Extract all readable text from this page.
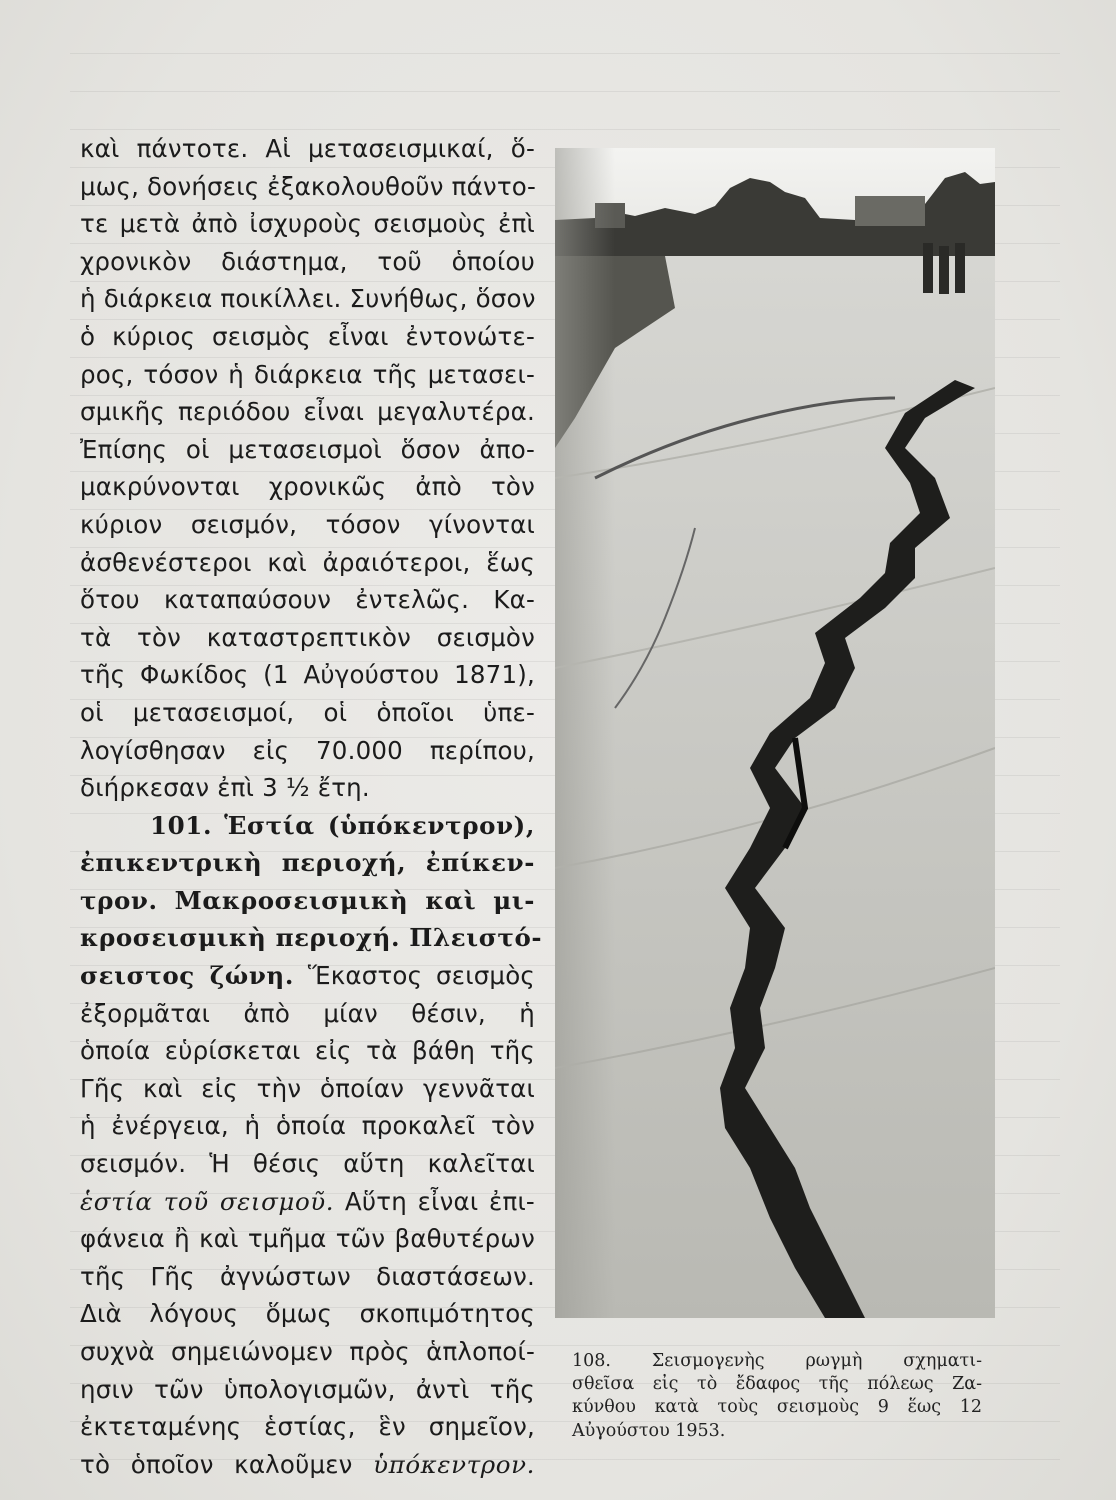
καὶ πάντοτε. Αἱ μετασεισμικαί, ὅ-
μως, δονήσεις ἐξακολουθοῦν πάντο-
τε μετὰ ἀπὸ ἰσχυροὺς σεισμοὺς ἐπὶ
χρονικὸν διάστημα, τοῦ ὁποίου
ἡ διάρκεια ποικίλλει. Συνήθως, ὅσον
ὁ κύριος σεισμὸς εἶναι ἐντονώτε-
ρος, τόσον ἡ διάρκεια τῆς μετασει-
σμικῆς περιόδου εἶναι μεγαλυτέρα.
Ἐπίσης οἱ μετασεισμοὶ ὅσον ἀπο-
μακρύνονται χρονικῶς ἀπὸ τὸν
κύριον σεισμόν, τόσον γίνονται
ἀσθενέστεροι καὶ ἀραιότεροι, ἕως
ὅτου καταπαύσουν ἐντελῶς. Κα-
τὰ τὸν καταστρεπτικὸν σεισμὸν
τῆς Φωκίδος (1 Αὐγούστου 1871),
οἱ μετασεισμοί, οἱ ὁποῖοι ὑπε-
λογίσθησαν εἰς 70.000 περίπου,
διήρκεσαν ἐπὶ 3 ½ ἔτη.
101. Ἑστία (ὑπόκεντρον),
ἐπικεντρικὴ περιοχή, ἐπίκεν-
τρον. Μακροσεισμικὴ καὶ μι-
κροσεισμικὴ περιοχή. Πλειστό-
σειστος ζώνη. Ἕκαστος σεισμὸς
ἐξορμᾶται ἀπὸ μίαν θέσιν, ἡ
ὁποία εὑρίσκεται εἰς τὰ βάθη τῆς
Γῆς καὶ εἰς τὴν ὁποίαν γεννᾶται
ἡ ἐνέργεια, ἡ ὁποία προκαλεῖ τὸν
σεισμόν. Ἡ θέσις αὕτη καλεῖται
ἑστία τοῦ σεισμοῦ. Αὕτη εἶναι ἐπι-
φάνεια ἢ καὶ τμῆμα τῶν βαθυτέρων
τῆς Γῆς ἀγνώστων διαστάσεων.
Διὰ λόγους ὅμως σκοπιμότητος
συχνὰ σημειώνομεν πρὸς ἁπλοποί-
ησιν τῶν ὑπολογισμῶν, ἀντὶ τῆς
ἐκτεταμένης ἑστίας, ἓν σημεῖον,
τὸ ὁποῖον καλοῦμεν ὑπόκεντρον.
108. Σεισμογενὴς ρωγμὴ σχηματι-
σθεῖσα εἰς τὸ ἔδαφος τῆς πόλεως Ζα-
κύνθου κατὰ τοὺς σεισμοὺς 9 ἕως 12
Αὐγούστου 1953.
